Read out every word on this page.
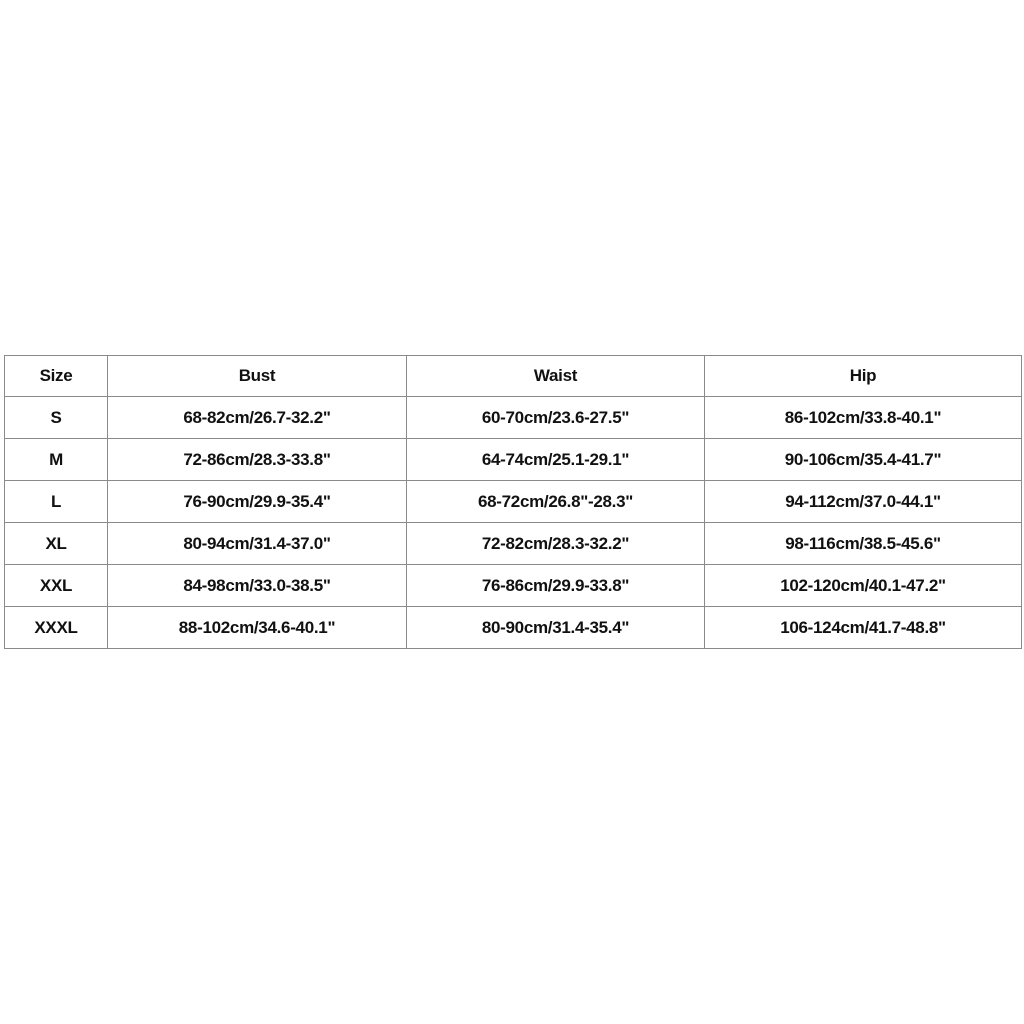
Size	Bust	Waist	Hip
S	68-82cm/26.7-32.2"	60-70cm/23.6-27.5"	86-102cm/33.8-40.1"
M	72-86cm/28.3-33.8"	64-74cm/25.1-29.1"	90-106cm/35.4-41.7"
L	76-90cm/29.9-35.4"	68-72cm/26.8"-28.3"	94-112cm/37.0-44.1"
XL	80-94cm/31.4-37.0"	72-82cm/28.3-32.2"	98-116cm/38.5-45.6"
XXL	84-98cm/33.0-38.5"	76-86cm/29.9-33.8"	102-120cm/40.1-47.2"
XXXL	88-102cm/34.6-40.1"	80-90cm/31.4-35.4"	106-124cm/41.7-48.8"
